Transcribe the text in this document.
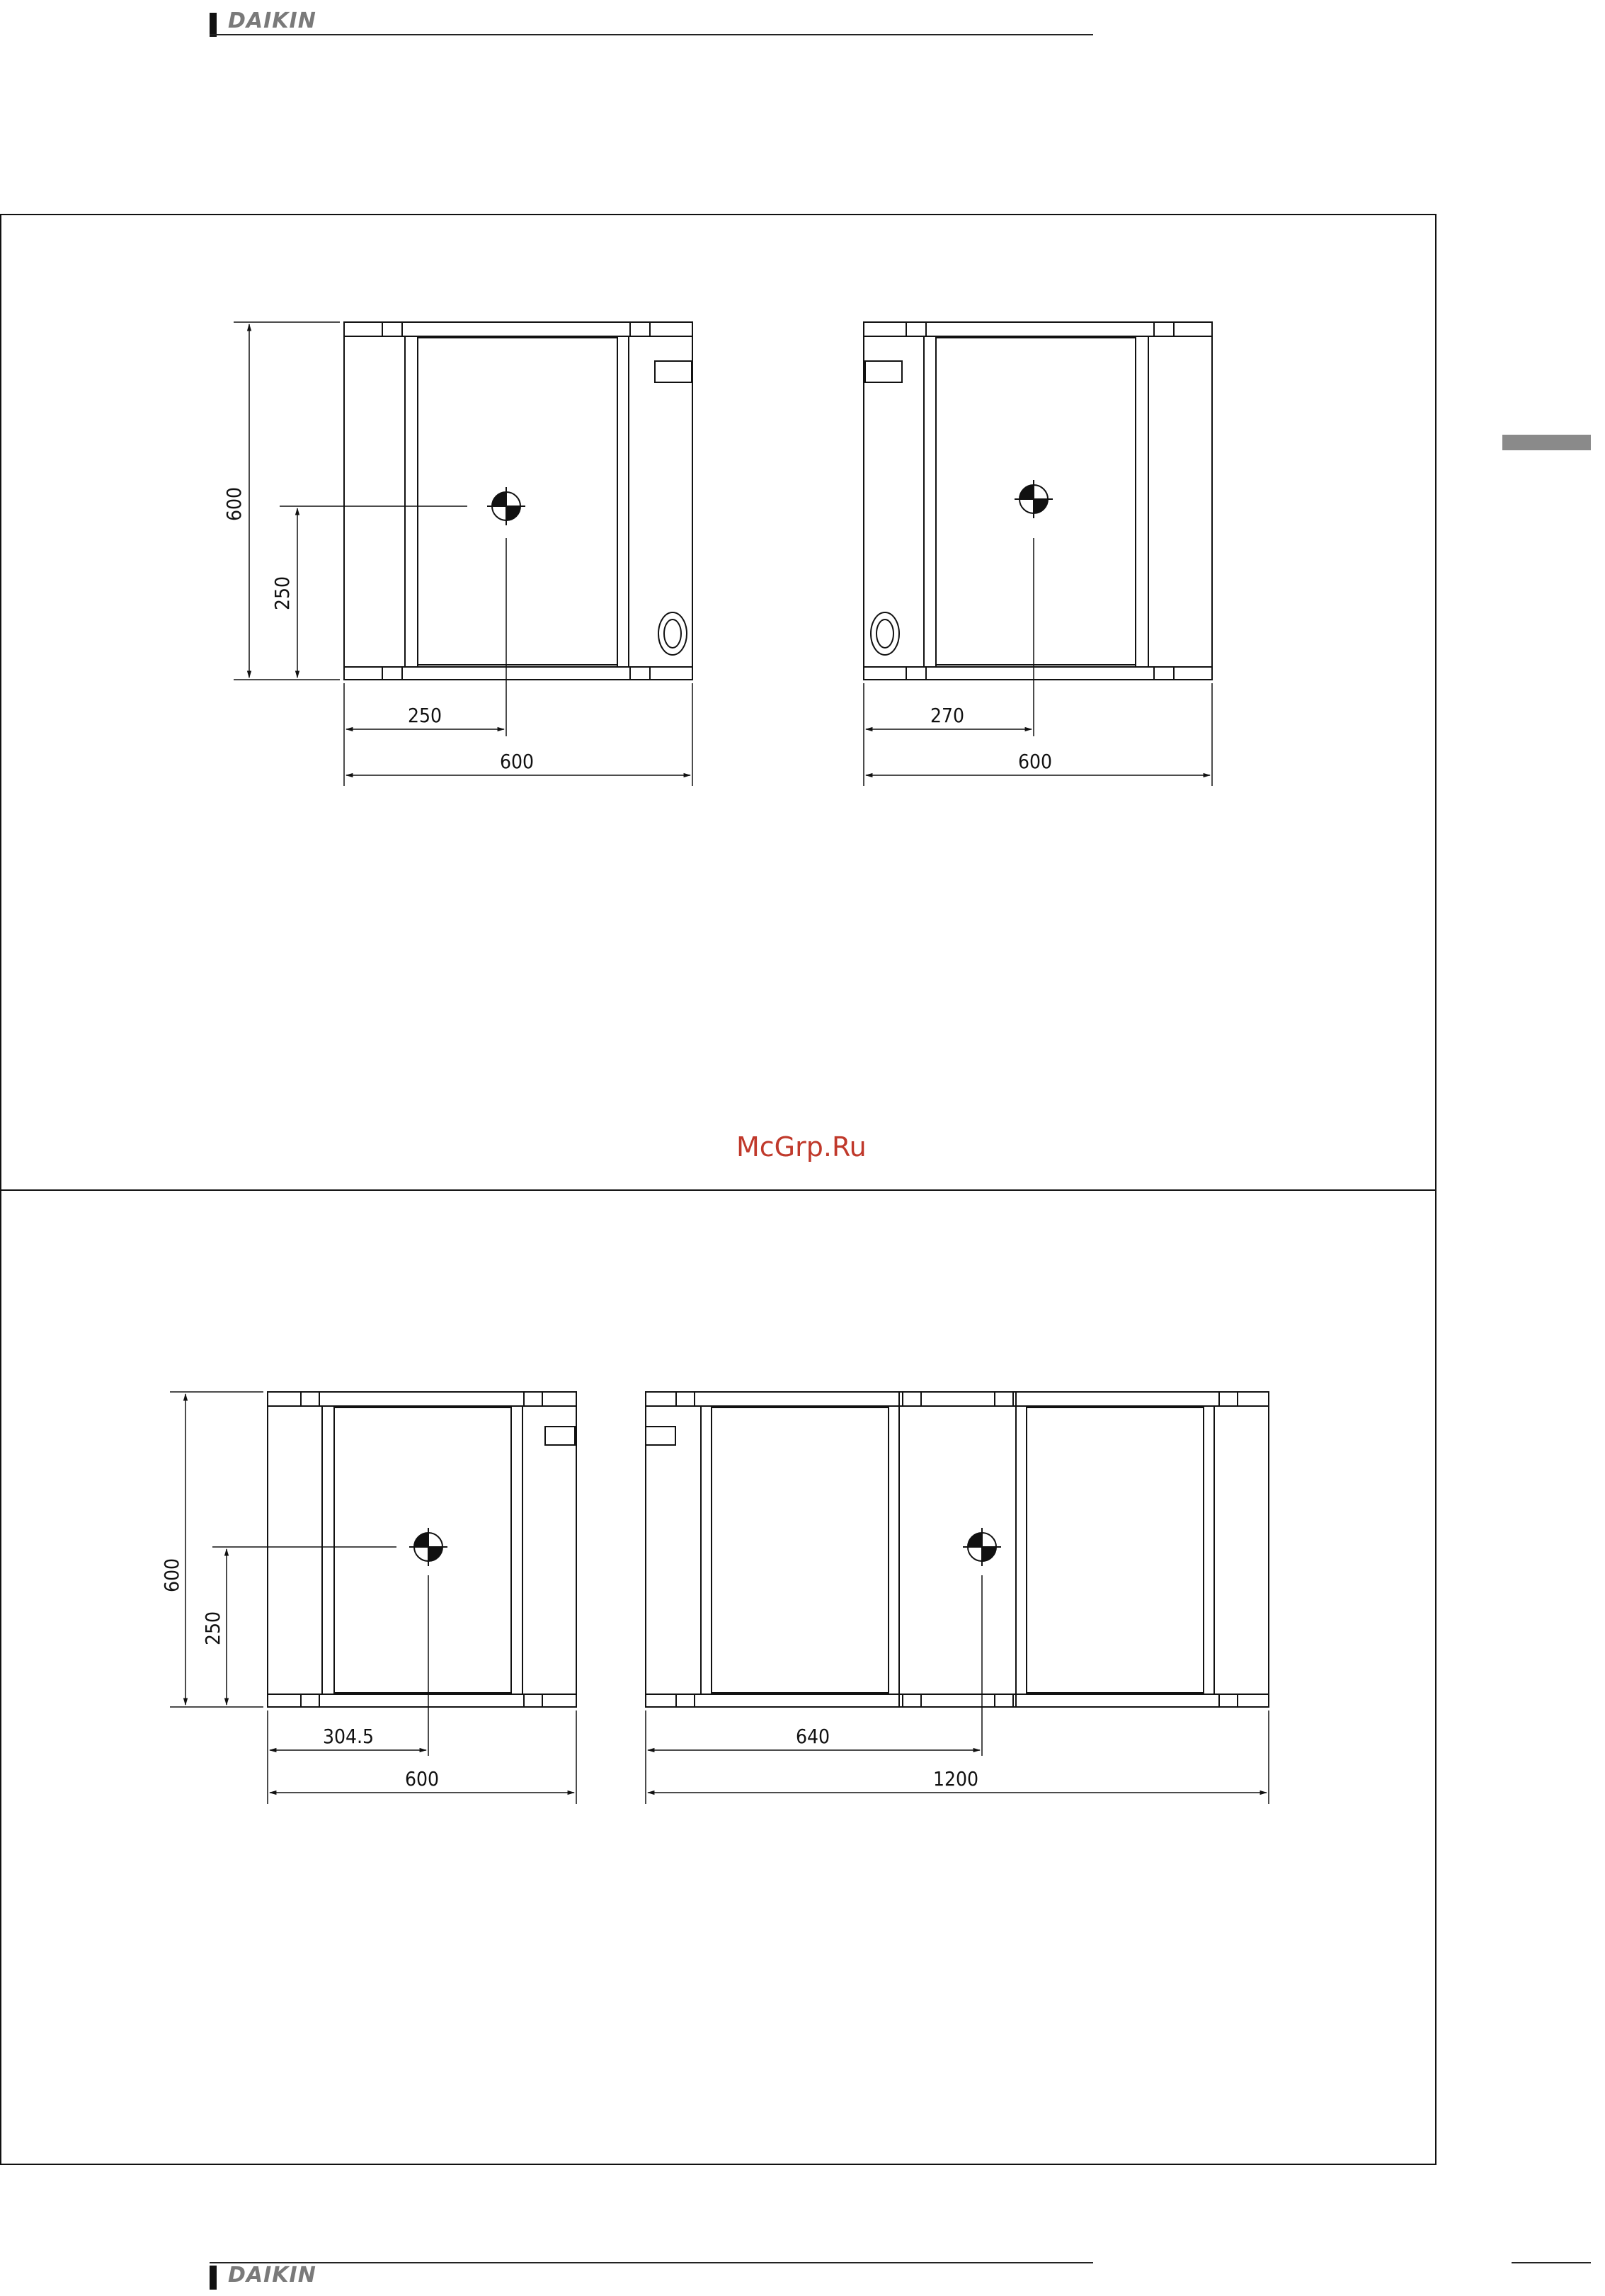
DAIKIN
600
250
250
600
270
600
600
250
304.5
600
640
1200
McGrp.Ru
DAIKIN
